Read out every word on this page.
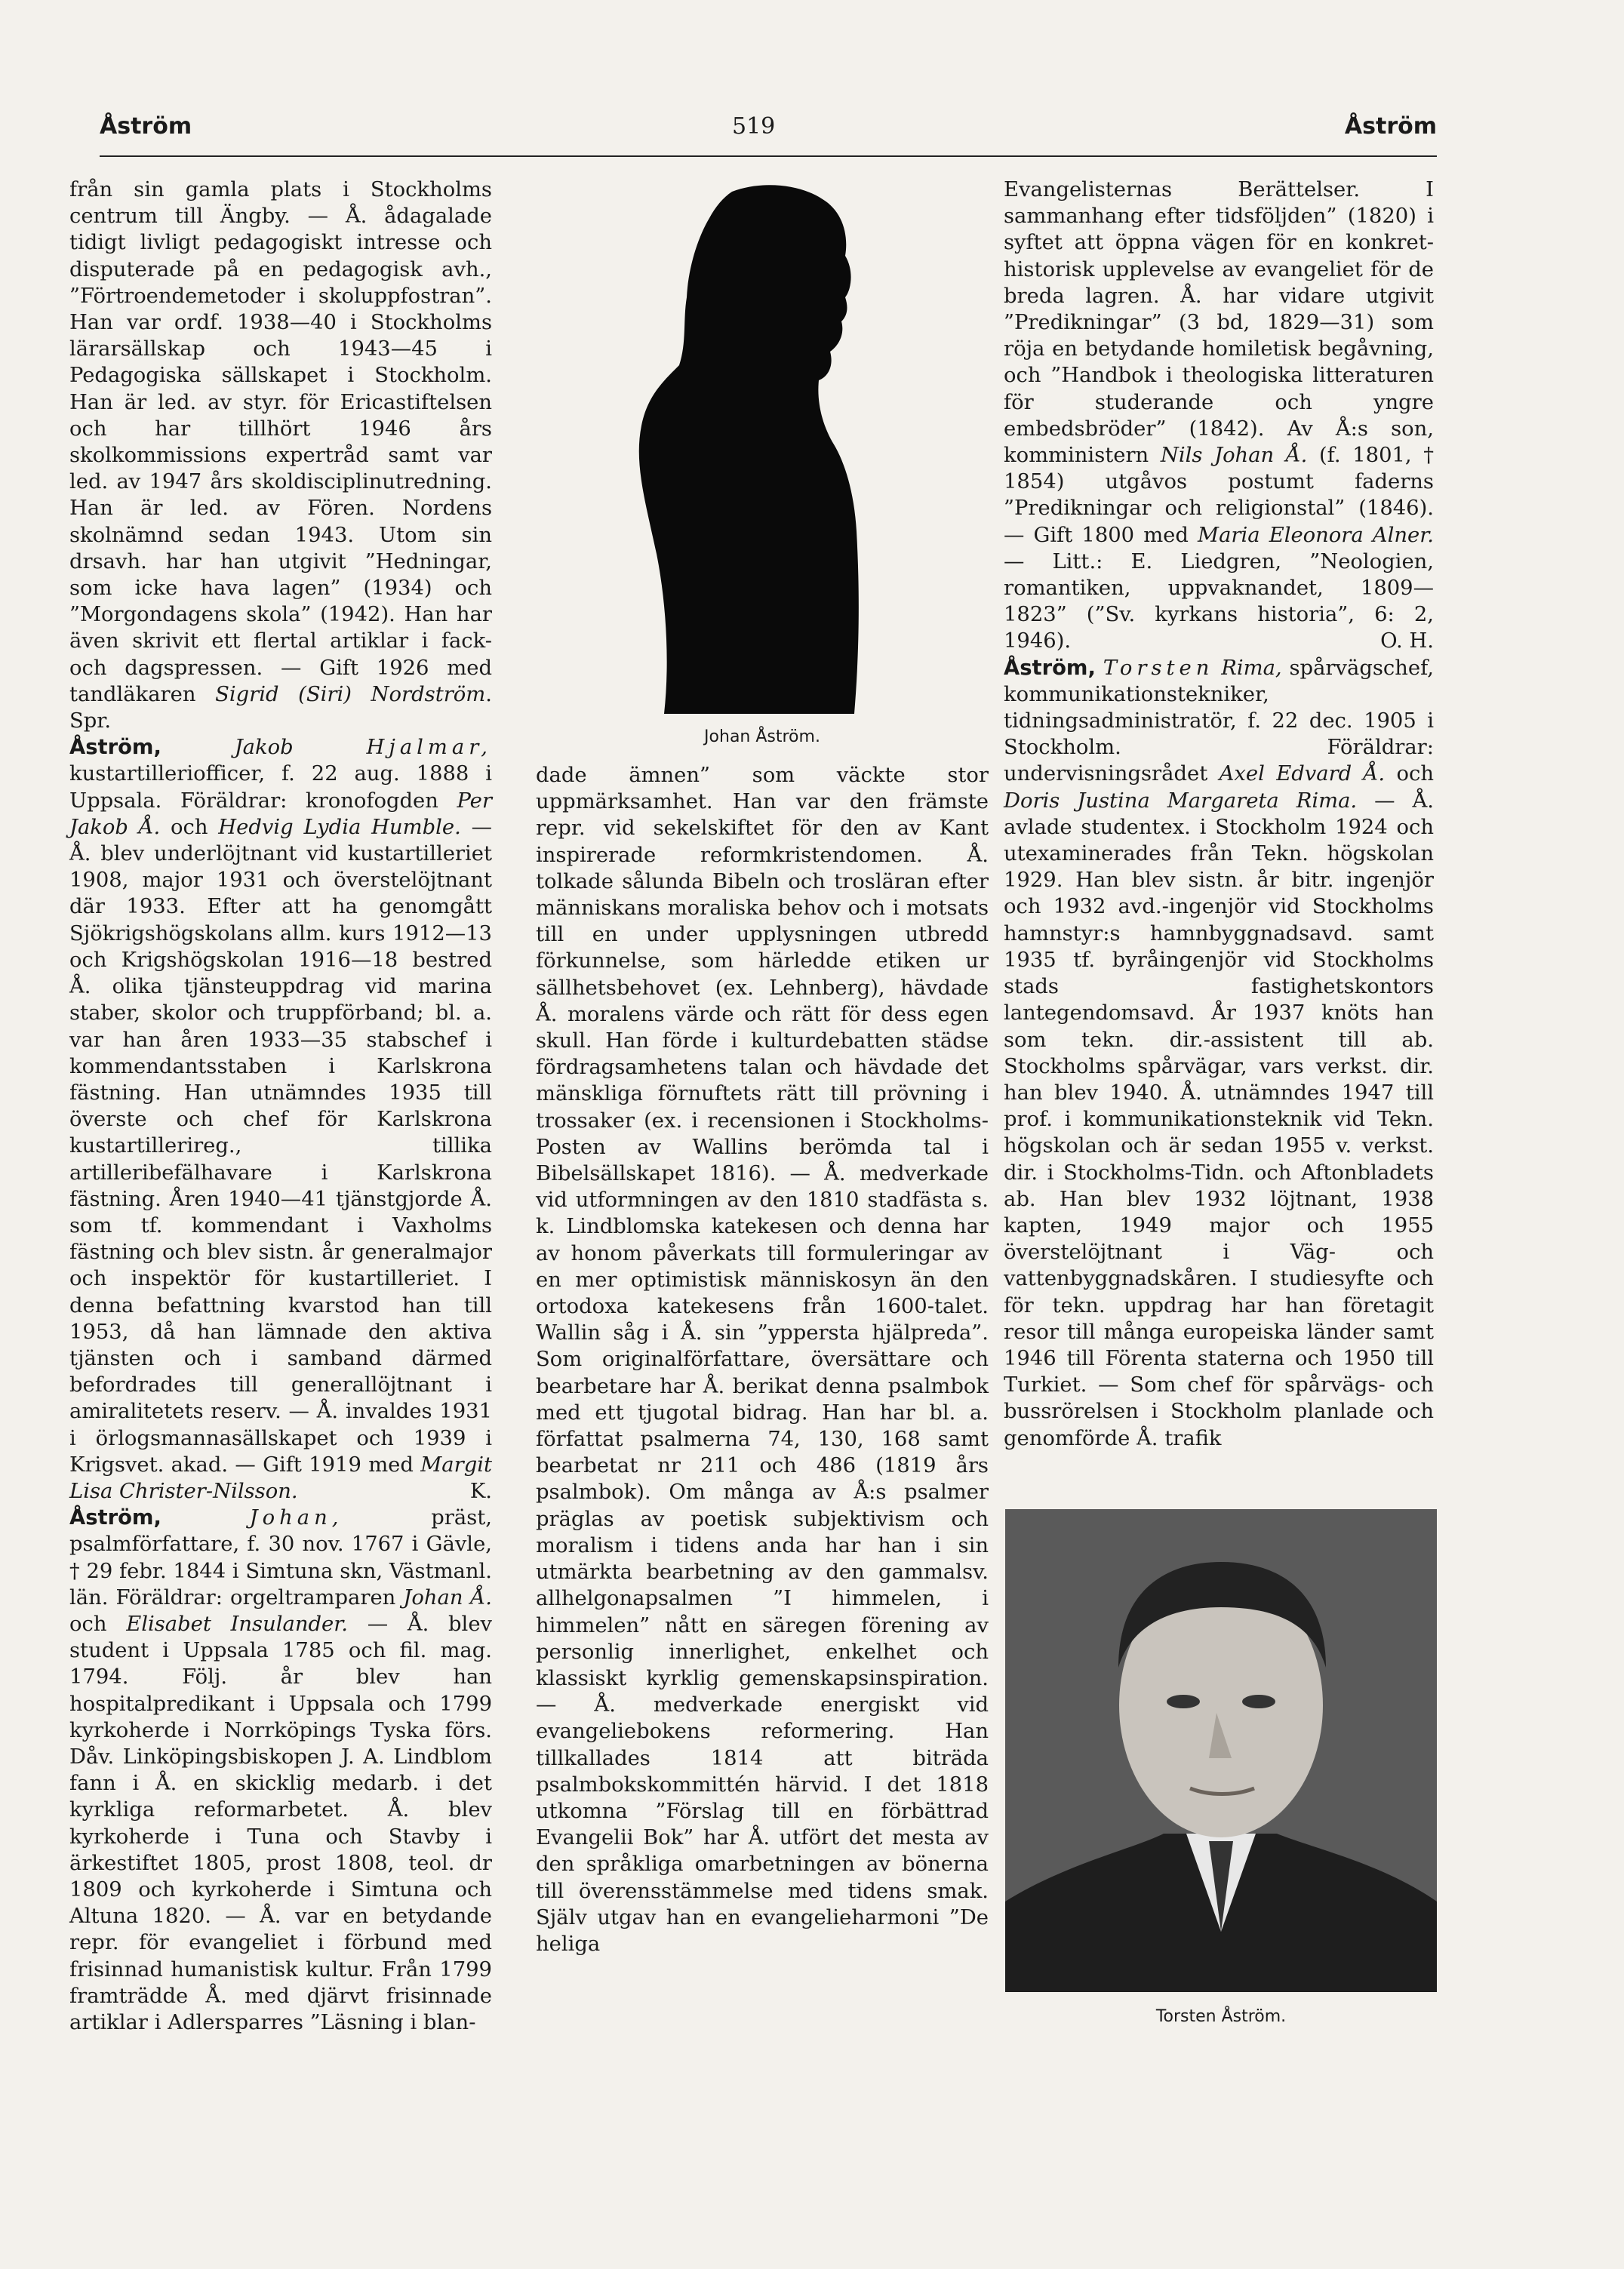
Åström	519	Åström

från sin gamla plats i Stockholms centrum till Ängby. — Å. ådagalade tidigt livligt pedagogiskt intresse och disputerade på en pedagogisk avh., ”Förtroendemetoder i skoluppfostran”. Han var ordf. 1938—40 i Stockholms lärarsällskap och 1943—45 i Pedagogiska sällskapet i Stockholm. Han är led. av styr. för Ericastiftelsen och har tillhört 1946 års skolkommissions expertråd samt var led. av 1947 års skoldisciplinutredning. Han är led. av Fören. Nordens skolnämnd sedan 1943. Utom sin drsavh. har han utgivit ”Hedningar, som icke hava lagen” (1934) och ”Morgondagens skola” (1942). Han har även skrivit ett flertal artiklar i fack- och dagspressen. — Gift 1926 med tandläkaren Sigrid (Siri) Nordström. Spr.

Åström,	Jakob	Hjalmar, kustartilleriofficer, f. 22 aug. 1888 i Uppsala. Föräldrar: kronofogden Per Jakob Å. och Hedvig Lydia Humble. — Å. blev underlöjtnant vid kustartilleriet 1908, major 1931 och överstelöjtnant där 1933. Efter att ha genomgått Sjökrigshögskolans allm. kurs 1912—13 och Krigshögskolan 1916—18 bestred Å. olika tjänsteuppdrag vid marina staber, skolor och truppförband; bl. a. var han åren 1933—35 stabschef i kommendantsstaben i Karlskrona fästning. Han utnämndes 1935 till överste och chef för Karlskrona kustartillerireg., tillika artilleribefälhavare i Karlskrona fästning. Åren 1940—41 tjänstgjorde Å. som tf. kommendant i Vaxholms fästning och blev sistn. år generalmajor och inspektör för kustartilleriet. I denna befattning kvarstod han till 1953, då han lämnade den aktiva tjänsten och i samband därmed befordrades till generallöjtnant i amiralitetets reserv. — Å. invaldes 1931 i örlogsmannasällskapet och 1939 i Krigsvet. akad. — Gift 1919 med Margit Lisa Christer-Nilsson.	K.

Åström,	Johan,	präst, psalmförfattare, f. 30 nov. 1767 i Gävle, † 29 febr. 1844 i Simtuna skn, Västmanl. län. Föräldrar: orgeltramparen Johan Å. och Elisabet Insulander. — Å. blev student i Uppsala 1785 och fil. mag. 1794. Följ. år blev han hospitalpredikant i Uppsala och 1799 kyrkoherde i Norrköpings Tyska förs. Dåv. Linköpingsbiskopen J. A. Lindblom fann i Å. en skicklig medarb. i det kyrkliga reformarbetet. Å. blev kyrkoherde i Tuna och Stavby i ärkestiftet 1805, prost 1808, teol. dr 1809 och kyrkoherde i Simtuna och Altuna 1820. — Å. var en betydande repr. för evangeliet i förbund med frisinnad humanistisk kultur. Från 1799 framträdde Å. med djärvt frisinnade artiklar i Adlersparres ”Läsning i blan-

Johan Åström.

dade ämnen” som väckte stor uppmärksamhet. Han var den främste repr. vid sekelskiftet för den av Kant inspirerade reformkristendomen. Å. tolkade sålunda Bibeln och trosläran efter människans moraliska behov och i motsats till en under upplysningen utbredd förkunnelse, som härledde etiken ur sällhetsbehovet (ex. Lehnberg), hävdade Å. moralens värde och rätt för dess egen skull. Han förde i kulturdebatten städse fördragsamhetens talan och hävdade det mänskliga förnuftets rätt till prövning i trossaker (ex. i recensionen i Stockholms-Posten av Wallins berömda tal i Bibelsällskapet 1816). — Å. medverkade vid utformningen av den 1810 stadfästa s. k. Lindblomska katekesen och denna har av honom påverkats till formuleringar av en mer optimistisk människosyn än den ortodoxa katekesens från 1600-talet. Wallin såg i Å. sin ”yppersta hjälpreda”. Som originalförfattare, översättare och bearbetare har Å. berikat denna psalmbok med ett tjugotal bidrag. Han har bl. a. författat psalmerna 74, 130, 168 samt bearbetat nr 211 och 486 (1819 års psalmbok). Om många av Å:s psalmer präglas av poetisk subjektivism och moralism i tidens anda har han i sin utmärkta bearbetning av den gammalsv. allhelgonapsalmen ”I himmelen, i himmelen” nått en säregen förening av personlig innerlighet, enkelhet och klassiskt kyrklig gemenskapsinspiration. — Å. medverkade energiskt vid evangeliebokens reformering. Han tillkallades 1814 att biträda psalmbokskommittén härvid. I det 1818 utkomna ”Förslag till en förbättrad Evangelii Bok” har Å. utfört det mesta av den språkliga omarbetningen av bönerna till överensstämmelse med tidens smak. Själv utgav han en evangelieharmoni ”De heliga

Evangelisternas Berättelser. I sammanhang efter tidsföljden” (1820) i syftet att öppna vägen för en konkret-historisk upplevelse av evangeliet för de breda lagren. Å. har vidare utgivit ”Predikningar” (3 bd, 1829—31) som röja en betydande homiletisk begåvning, och ”Handbok i theologiska litteraturen för studerande och yngre embedsbröder” (1842). Av Å:s son, komministern Nils Johan Å. (f. 1801, † 1854) utgåvos postumt faderns ”Predikningar och religionstal” (1846). — Gift 1800 med Maria Eleonora Alner. — Litt.: E. Liedgren, ”Neologien, romantiken, uppvaknandet, 1809—1823” (”Sv. kyrkans historia”, 6: 2, 1946).	O. H.

Åström, Torsten Rima, spårvägschef, kommunikationstekniker, tidningsadministratör, f. 22 dec. 1905 i Stockholm. Föräldrar: undervisningsrådet Axel Edvard Å. och Doris Justina Margareta Rima. — Å. avlade studentex. i Stockholm 1924 och utexaminerades från Tekn. högskolan 1929. Han blev sistn. år bitr. ingenjör och 1932 avd.-ingenjör vid Stockholms hamnstyr:s hamnbyggnadsavd. samt 1935 tf. byråingenjör vid Stockholms stads fastighetskontors lantegendomsavd. År 1937 knöts han som tekn. dir.-assistent till ab. Stockholms spårvägar, vars verkst. dir. han blev 1940. Å. utnämndes 1947 till prof. i kommunikationsteknik vid Tekn. högskolan och är sedan 1955 v. verkst. dir. i Stockholms-Tidn. och Aftonbladets ab. Han blev 1932 löjtnant, 1938 kapten, 1949 major och 1955 överstelöjtnant i Väg- och vattenbyggnadskåren. I studiesyfte och för tekn. uppdrag har han företagit resor till många europeiska länder samt 1946 till Förenta staterna och 1950 till Turkiet. — Som chef för spårvägs- och bussrörelsen i Stockholm planlade och genomförde Å. trafik

Torsten Åström.
